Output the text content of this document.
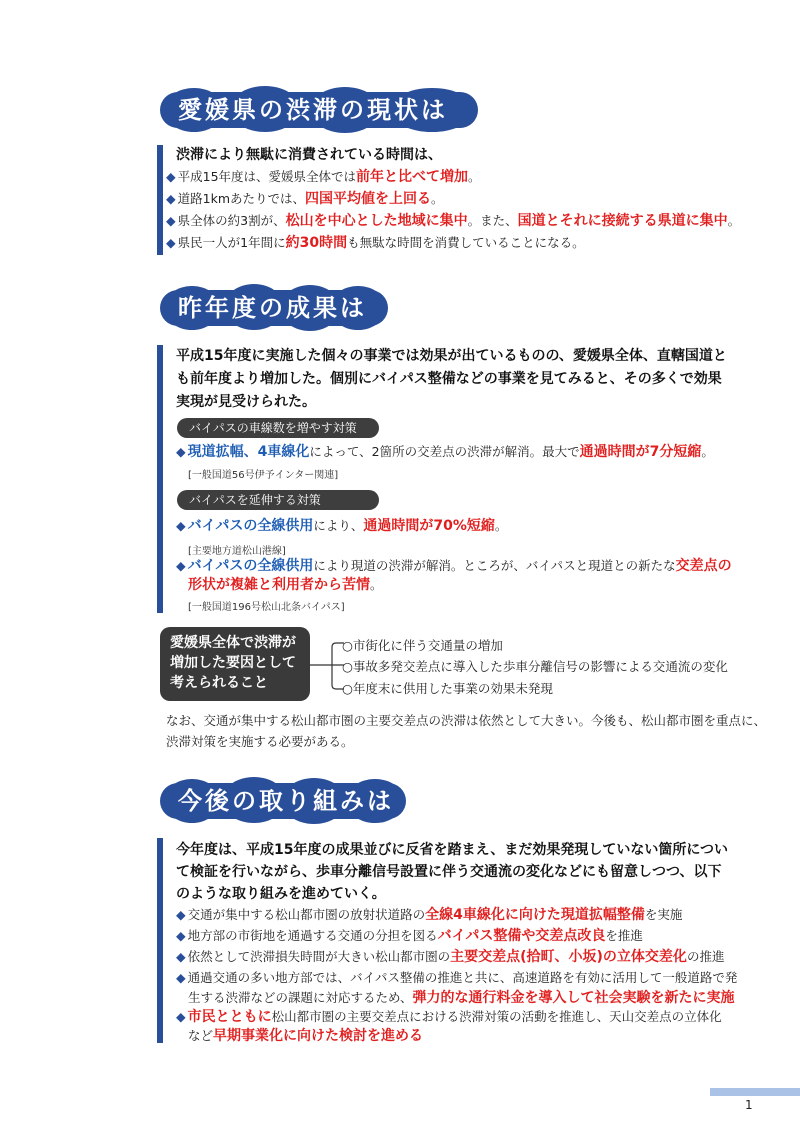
愛媛県の渋滞の現状は
渋滞により無駄に消費されている時間は、
◆ 平成15年度は、愛媛県全体では前年と比べて増加。
◆ 道路1kmあたりでは、四国平均値を上回る。
◆ 県全体の約3割が、松山を中心とした地域に集中。また、国道とそれに接続する県道に集中。
◆ 県民一人が1年間に約30時間も無駄な時間を消費していることになる。
昨年度の成果は
平成15年度に実施した個々の事業では効果が出ているものの、愛媛県全体、直轄国道と
も前年度より増加した。個別にバイパス整備などの事業を見てみると、その多くで効果
実現が見受けられた。
バイパスの車線数を増やす対策
◆ 現道拡幅、4車線化によって、2箇所の交差点の渋滞が解消。最大で通過時間が7分短縮。
[一般国道56号伊予インター関連]
バイパスを延伸する対策
◆ バイパスの全線供用により、通過時間が70%短縮。
[主要地方道松山港線]
◆ バイパスの全線供用により現道の渋滞が解消。ところが、バイパスと現道との新たな交差点の
形状が複雑と利用者から苦情。
[一般国道196号松山北条バイパス]
愛媛県全体で渋滞が
増加した要因として
考えられること
○市街化に伴う交通量の増加
○事故多発交差点に導入した歩車分離信号の影響による交通流の変化
○年度末に供用した事業の効果未発現
なお、交通が集中する松山都市圏の主要交差点の渋滞は依然として大きい。今後も、松山都市圏を重点に、
渋滞対策を実施する必要がある。
今後の取り組みは
今年度は、平成15年度の成果並びに反省を踏まえ、まだ効果発現していない箇所につい
て検証を行いながら、歩車分離信号設置に伴う交通流の変化などにも留意しつつ、以下
のような取り組みを進めていく。
◆ 交通が集中する松山都市圏の放射状道路の全線4車線化に向けた現道拡幅整備を実施
◆ 地方部の市街地を通過する交通の分担を図るバイパス整備や交差点改良を推進
◆ 依然として渋滞損失時間が大きい松山都市圏の主要交差点(拾町、小坂)の立体交差化の推進
◆ 通過交通の多い地方部では、バイパス整備の推進と共に、高速道路を有効に活用して一般道路で発
生する渋滞などの課題に対応するため、弾力的な通行料金を導入して社会実験を新たに実施
◆ 市民とともに松山都市圏の主要交差点における渋滞対策の活動を推進し、天山交差点の立体化
など早期事業化に向けた検討を進める
1
